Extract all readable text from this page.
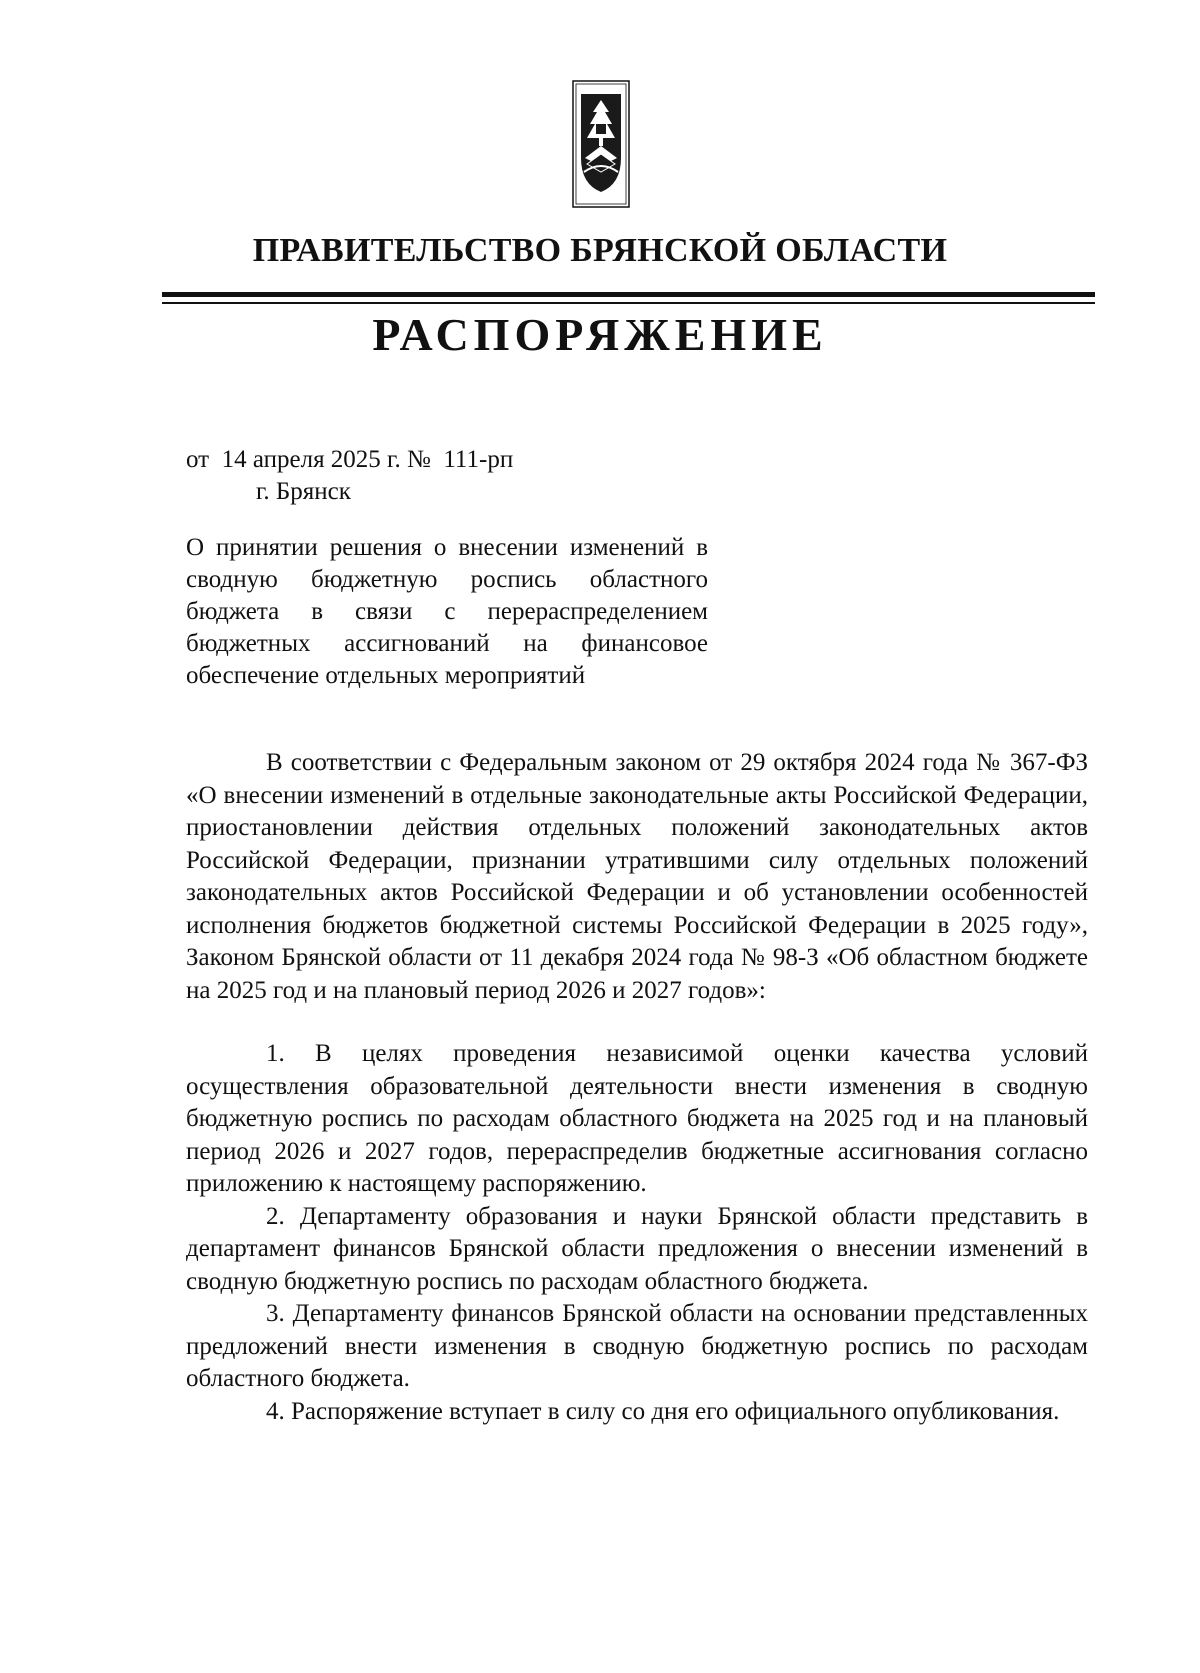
ПРАВИТЕЛЬСТВО БРЯНСКОЙ ОБЛАСТИ
РАСПОРЯЖЕНИЕ
от  14 апреля 2025 г. №  111-рп
г. Брянск
О принятии решения о внесении изменений в сводную бюджетную роспись областного бюджета в связи с перераспределением бюджетных ассигнований на финансовое обеспечение отдельных мероприятий

В соответствии с Федеральным законом от 29 октября 2024 года № 367-ФЗ «О внесении изменений в отдельные законодательные акты Российской Федерации, приостановлении действия отдельных положений законодательных актов Российской Федерации, признании утратившими силу отдельных положений законодательных актов Российской Федерации и об установлении особенностей исполнения бюджетов бюджетной системы Российской Федерации в 2025 году», Законом Брянской области от 11 декабря 2024 года № 98-З «Об областном бюджете на 2025 год и на плановый период 2026 и 2027 годов»:

1. В целях проведения независимой оценки качества условий осуществления образовательной деятельности внести изменения в сводную бюджетную роспись по расходам областного бюджета на 2025 год и на плановый период 2026 и 2027 годов, перераспределив бюджетные ассигнования согласно приложению к настоящему распоряжению.

2. Департаменту образования и науки Брянской области представить в департамент финансов Брянской области предложения о внесении изменений в сводную бюджетную роспись по расходам областного бюджета.

3. Департаменту финансов Брянской области на основании представленных предложений внести изменения в сводную бюджетную роспись по расходам областного бюджета.

4. Распоряжение вступает в силу со дня его официального опубликования.
